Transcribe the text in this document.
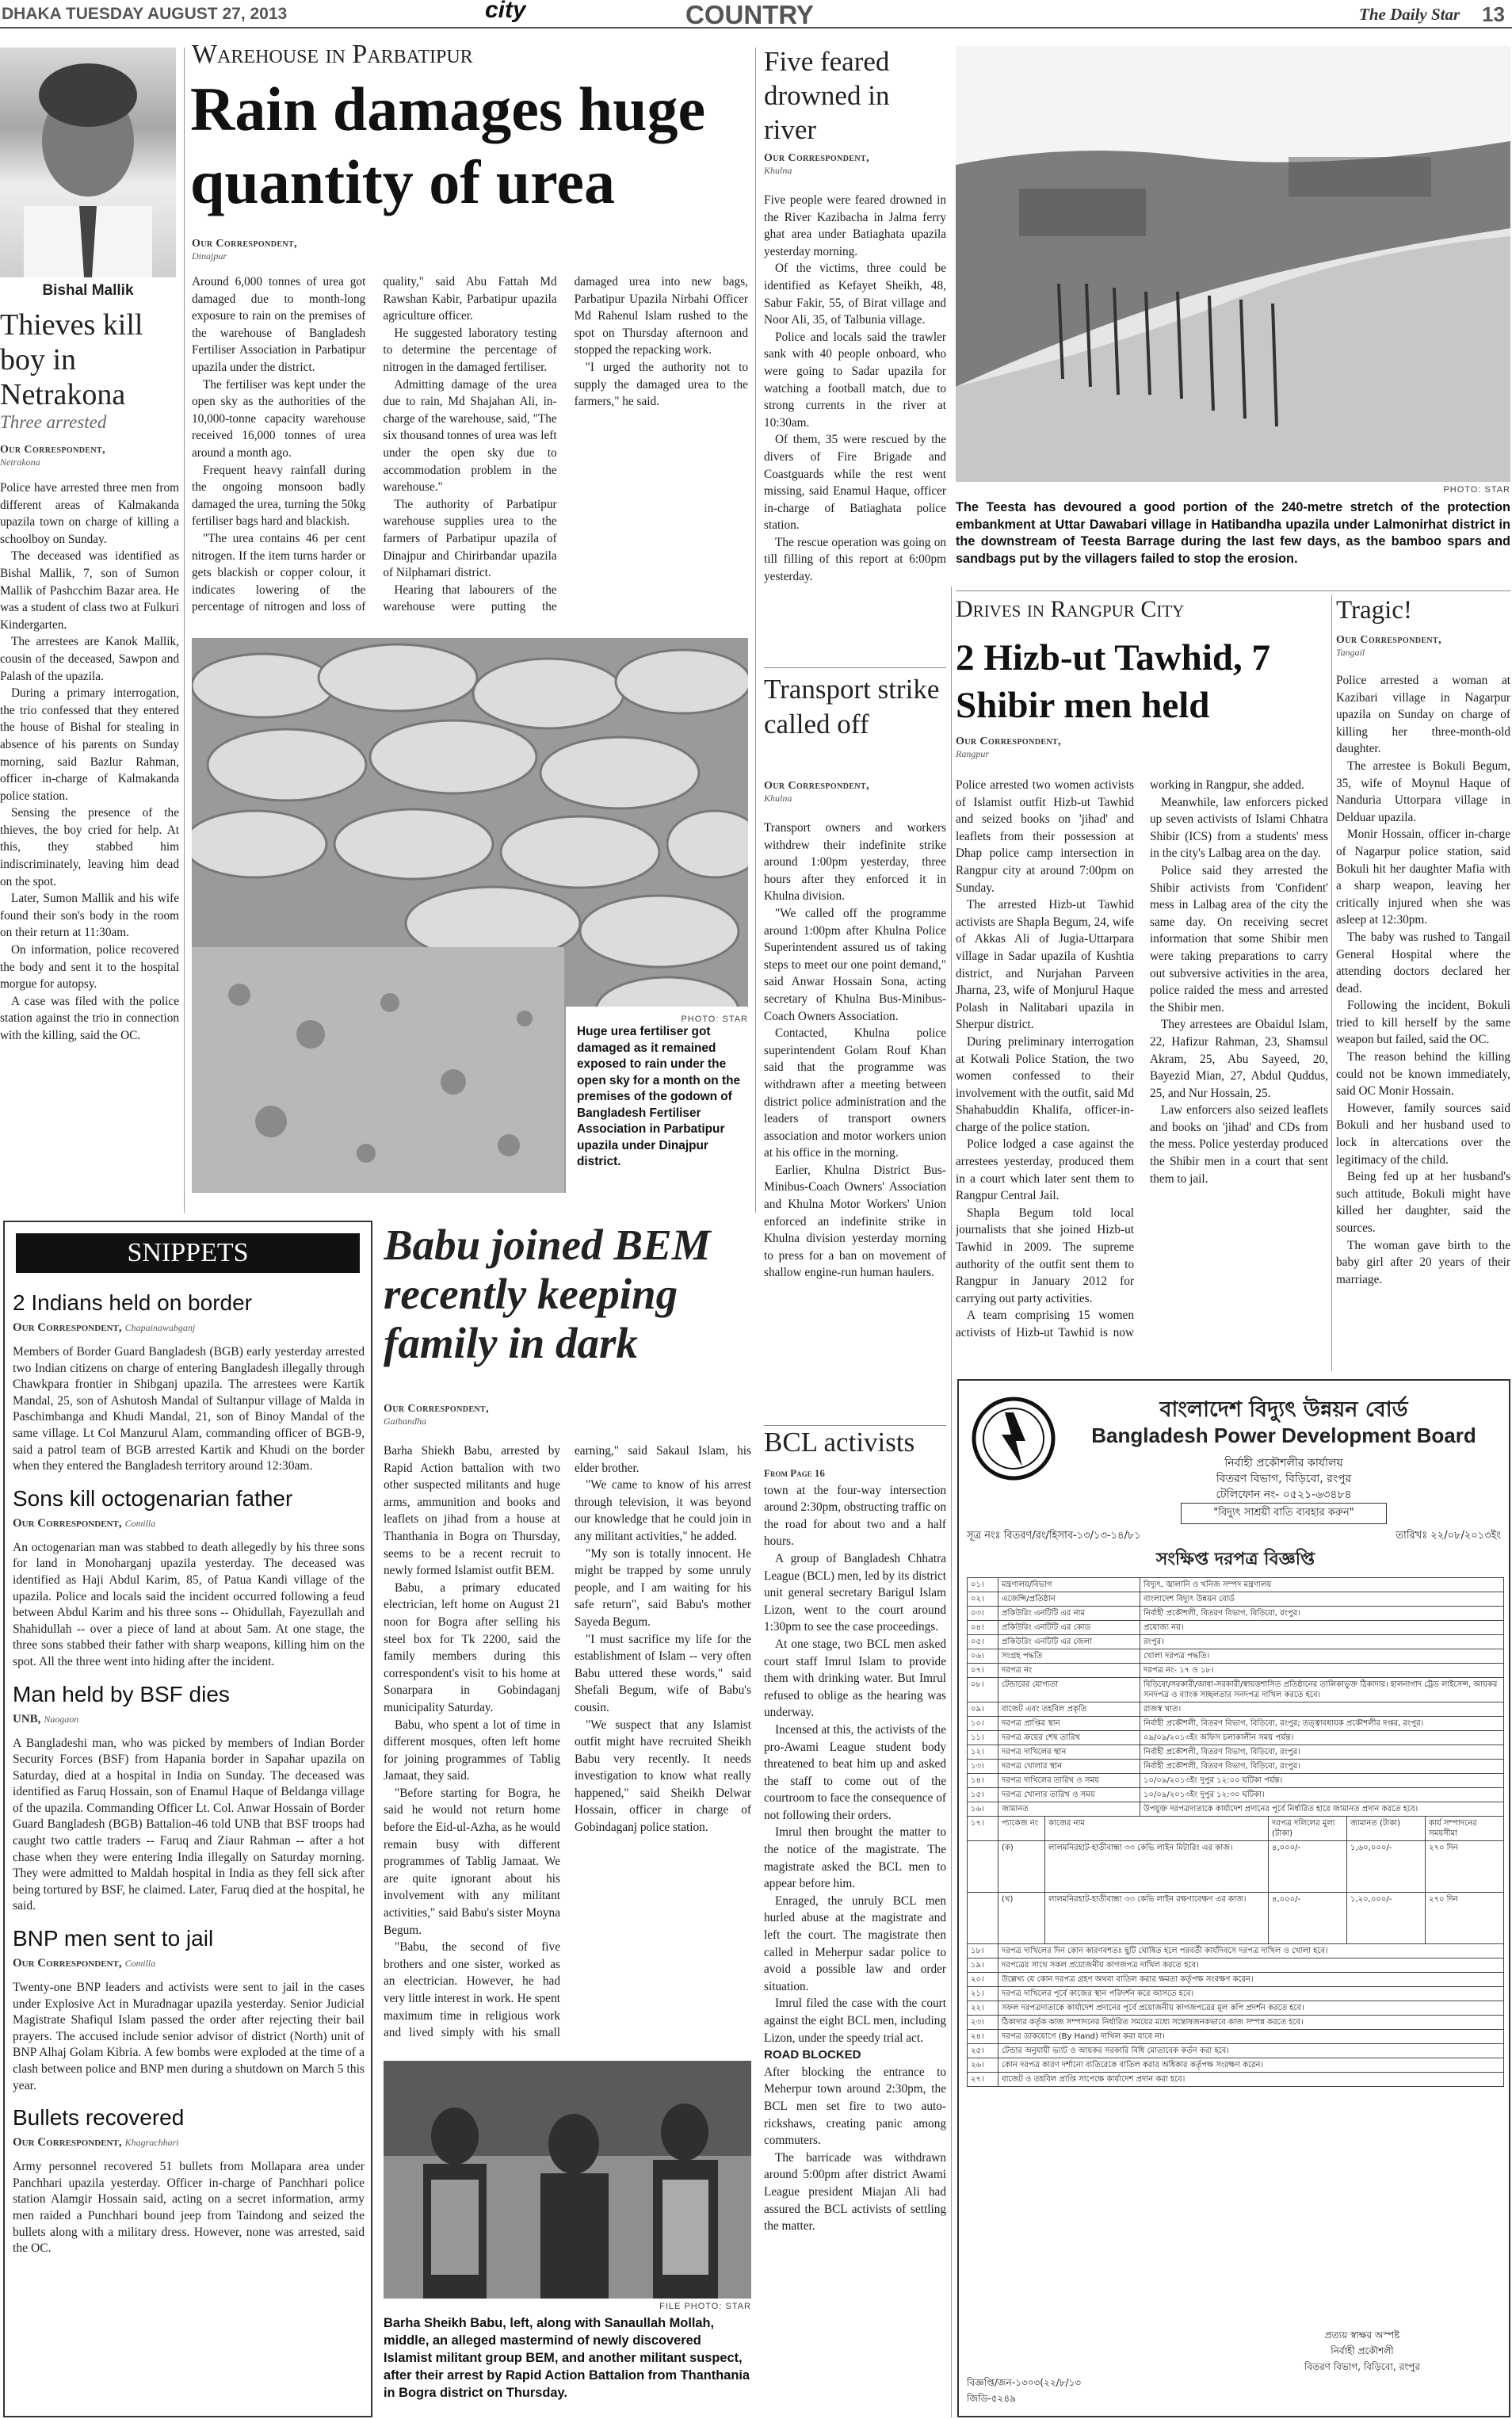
DHAKA TUESDAY AUGUST 27, 2013	city	COUNTRY	The Daily Star 13
Bishal Mallik
Thieves kill boy in Netrakona
Three arrested
Our Correspondent,
Netrakona

Police have arrested three men from different areas of Kalmakanda upazila town on charge of killing a schoolboy on Sunday.

The deceased was identified as Bishal Mallik, 7, son of Sumon Mallik of Pashcchim Bazar area. He was a student of class two at Fulkuri Kindergarten.

The arrestees are Kanok Mallik, cousin of the deceased, Sawpon and Palash of the upazila.

During a primary interrogation, the trio confessed that they entered the house of Bishal for stealing in absence of his parents on Sunday morning, said Bazlur Rahman, officer in-charge of Kalmakanda police station.

Sensing the presence of the thieves, the boy cried for help. At this, they stabbed him indiscriminately, leaving him dead on the spot.

Later, Sumon Mallik and his wife found their son's body in the room on their return at 11:30am.

On information, police recovered the body and sent it to the hospital morgue for autopsy.

A case was filed with the police station against the trio in connection with the killing, said the OC.

Warehouse in Parbatipur
Rain damages huge quantity of urea
Our Correspondent,
Dinajpur

Around 6,000 tonnes of urea got damaged due to month-long exposure to rain on the premises of the warehouse of Bangladesh Fertiliser Association in Parbatipur upazila under the district.

The fertiliser was kept under the open sky as the authorities of the 10,000-tonne capacity warehouse received 16,000 tonnes of urea around a month ago.

Frequent heavy rainfall during the ongoing monsoon badly damaged the urea, turning the 50kg fertiliser bags hard and blackish.

"The urea contains 46 per cent nitrogen. If the item turns harder or gets blackish or copper colour, it indicates lowering of the percentage of nitrogen and loss of quality," said Abu Fattah Md Rawshan Kabir, Parbatipur upazila agriculture officer.

He suggested laboratory testing to determine the percentage of nitrogen in the damaged fertiliser.

Admitting damage of the urea due to rain, Md Shajahan Ali, in-charge of the warehouse, said, "The six thousand tonnes of urea was left under the open sky due to accommodation problem in the warehouse."

The authority of Parbatipur warehouse supplies urea to the farmers of Parbatipur upazila of Dinajpur and Chirirbandar upazila of Nilphamari district.

Hearing that labourers of the warehouse were putting the damaged urea into new bags, Parbatipur Upazila Nirbahi Officer Md Rahenul Islam rushed to the spot on Thursday afternoon and stopped the repacking work.

"I urged the authority not to supply the damaged urea to the farmers," he said.

PHOTO: STAR
Huge urea fertiliser got damaged as it remained exposed to rain under the open sky for a month on the premises of the godown of Bangladesh Fertiliser Association in Parbatipur upazila under Dinajpur district.
Five feared drowned in river
Our Correspondent,
Khulna

Five people were feared drowned in the River Kazibacha in Jalma ferry ghat area under Batiaghata upazila yesterday morning.

Of the victims, three could be identified as Kefayet Sheikh, 48, Sabur Fakir, 55, of Birat village and Noor Ali, 35, of Talbunia village.

Police and locals said the trawler sank with 40 people onboard, who were going to Sadar upazila for watching a football match, due to strong currents in the river at 10:30am.

Of them, 35 were rescued by the divers of Fire Brigade and Coastguards while the rest went missing, said Enamul Haque, officer in-charge of Batiaghata police station.

The rescue operation was going on till filling of this report at 6:00pm yesterday.

Transport strike called off
Our Correspondent,
Khulna

Transport owners and workers withdrew their indefinite strike around 1:00pm yesterday, three hours after they enforced it in Khulna division.

"We called off the programme around 1:00pm after Khulna Police Superintendent assured us of taking steps to meet our one point demand," said Anwar Hossain Sona, acting secretary of Khulna Bus-Minibus-Coach Owners Association.

Contacted, Khulna police superintendent Golam Rouf Khan said that the programme was withdrawn after a meeting between district police administration and the leaders of transport owners association and motor workers union at his office in the morning.

Earlier, Khulna District Bus-Minibus-Coach Owners' Association and Khulna Motor Workers' Union enforced an indefinite strike in Khulna division yesterday morning to press for a ban on movement of shallow engine-run human haulers.

PHOTO: STAR
The Teesta has devoured a good portion of the 240-metre stretch of the protection embankment at Uttar Dawabari village in Hatibandha upazila under Lalmonirhat district in the downstream of Teesta Barrage during the last few days, as the bamboo spars and sandbags put by the villagers failed to stop the erosion.
Drives in Rangpur City
2 Hizb-ut Tawhid, 7 Shibir men held
Our Correspondent,
Rangpur

Police arrested two women activists of Islamist outfit Hizb-ut Tawhid and seized books on 'jihad' and leaflets from their possession at Dhap police camp intersection in Rangpur city at around 7:00pm on Sunday.

The arrested Hizb-ut Tawhid activists are Shapla Begum, 24, wife of Akkas Ali of Jugia-Uttarpara village in Sadar upazila of Kushtia district, and Nurjahan Parveen Jharna, 23, wife of Monjurul Haque Polash in Nalitabari upazila in Sherpur district.

During preliminary interrogation at Kotwali Police Station, the two women confessed to their involvement with the outfit, said Md Shahabuddin Khalifa, officer-in-charge of the police station.

Police lodged a case against the arrestees yesterday, produced them in a court which later sent them to Rangpur Central Jail.

Shapla Begum told local journalists that she joined Hizb-ut Tawhid in 2009. The supreme authority of the outfit sent them to Rangpur in January 2012 for carrying out party activities.

A team comprising 15 women activists of Hizb-ut Tawhid is now working in Rangpur, she added.

Meanwhile, law enforcers picked up seven activists of Islami Chhatra Shibir (ICS) from a students' mess in the city's Lalbag area on the day.

Police said they arrested the Shibir activists from 'Confident' mess in Lalbag area of the city the same day. On receiving secret information that some Shibir men were taking preparations to carry out subversive activities in the area, police raided the mess and arrested the Shibir men.

They arrestees are Obaidul Islam, 22, Hafizur Rahman, 23, Shamsul Akram, 25, Abu Sayeed, 20, Bayezid Mian, 27, Abdul Quddus, 25, and Nur Hossain, 25.

Law enforcers also seized leaflets and books on 'jihad' and CDs from the mess. Police yesterday produced the Shibir men in a court that sent them to jail.

Tragic!
Our Correspondent,
Tangail

Police arrested a woman at Kazibari village in Nagarpur upazila on Sunday on charge of killing her three-month-old daughter.

The arrestee is Bokuli Begum, 35, wife of Moynul Haque of Nanduria Uttorpara village in Delduar upazila.

Monir Hossain, officer in-charge of Nagarpur police station, said Bokuli hit her daughter Mafia with a sharp weapon, leaving her critically injured when she was asleep at 12:30pm.

The baby was rushed to Tangail General Hospital where the attending doctors declared her dead.

Following the incident, Bokuli tried to kill herself by the same weapon but failed, said the OC.

The reason behind the killing could not be known immediately, said OC Monir Hossain.

However, family sources said Bokuli and her husband used to lock in altercations over the legitimacy of the child.

Being fed up at her husband's such attitude, Bokuli might have killed her daughter, said the sources.

The woman gave birth to the baby girl after 20 years of their marriage.

SNIPPETS
2 Indians held on border
Our Correspondent, Chapainawabganj
Members of Border Guard Bangladesh (BGB) early yesterday arrested two Indian citizens on charge of entering Bangladesh illegally through Chawkpara frontier in Shibganj upazila. The arrestees were Kartik Mandal, 25, son of Ashutosh Mandal of Sultanpur village of Malda in Paschimbanga and Khudi Mandal, 21, son of Binoy Mandal of the same village. Lt Col Manzurul Alam, commanding officer of BGB-9, said a patrol team of BGB arrested Kartik and Khudi on the border when they entered the Bangladesh territory around 12:30am.
Sons kill octogenarian father
Our Correspondent, Comilla
An octogenarian man was stabbed to death allegedly by his three sons for land in Monoharganj upazila yesterday. The deceased was identified as Haji Abdul Karim, 85, of Patua Kandi village of the upazila. Police and locals said the incident occurred following a feud between Abdul Karim and his three sons -- Ohidullah, Fayezullah and Shahidullah -- over a piece of land at about 5am. At one stage, the three sons stabbed their father with sharp weapons, killing him on the spot. All the three went into hiding after the incident.
Man held by BSF dies
UNB, Naogaon
A Bangladeshi man, who was picked by members of Indian Border Security Forces (BSF) from Hapania border in Sapahar upazila on Saturday, died at a hospital in India on Sunday. The deceased was identified as Faruq Hossain, son of Enamul Haque of Beldanga village of the upazila. Commanding Officer Lt. Col. Anwar Hossain of Border Guard Bangladesh (BGB) Battalion-46 told UNB that BSF troops had caught two cattle traders -- Faruq and Ziaur Rahman -- after a hot chase when they were entering India illegally on Saturday morning. They were admitted to Maldah hospital in India as they fell sick after being tortured by BSF, he claimed. Later, Faruq died at the hospital, he said.
BNP men sent to jail
Our Correspondent, Comilla
Twenty-one BNP leaders and activists were sent to jail in the cases under Explosive Act in Muradnagar upazila yesterday. Senior Judicial Magistrate Shafiqul Islam passed the order after rejecting their bail prayers. The accused include senior advisor of district (North) unit of BNP Alhaj Golam Kibria. A few bombs were exploded at the time of a clash between police and BNP men during a shutdown on March 5 this year.
Bullets recovered
Our Correspondent, Khagrachhari
Army personnel recovered 51 bullets from Mollapara area under Panchhari upazila yesterday. Officer in-charge of Panchhari police station Alamgir Hossain said, acting on a secret information, army men raided a Punchhari bound jeep from Taindong and seized the bullets along with a military dress. However, none was arrested, said the OC.
Babu joined BEM recently keeping family in dark
Our Correspondent,
Gaibandha

Barha Shiekh Babu, arrested by Rapid Action battalion with two other suspected militants and huge arms, ammunition and books and leaflets on jihad from a house at Thanthania in Bogra on Thursday, seems to be a recent recruit to newly formed Islamist outfit BEM.

Babu, a primary educated electrician, left home on August 21 noon for Bogra after selling his steel box for Tk 2200, said the family members during this correspondent's visit to his home at Sonarpara in Gobindaganj municipality Saturday.

Babu, who spent a lot of time in different mosques, often left home for joining programmes of Tablig Jamaat, they said.

"Before starting for Bogra, he said he would not return home before the Eid-ul-Azha, as he would remain busy with different programmes of Tablig Jamaat. We are quite ignorant about his involvement with any militant activities," said Babu's sister Moyna Begum.

"Babu, the second of five brothers and one sister, worked as an electrician. However, he had very little interest in work. He spent maximum time in religious work and lived simply with his small earning," said Sakaul Islam, his elder brother.

"We came to know of his arrest through television, it was beyond our knowledge that he could join in any militant activities," he added.

"My son is totally innocent. He might be trapped by some unruly people, and I am waiting for his safe return", said Babu's mother Sayeda Begum.

"I must sacrifice my life for the establishment of Islam -- very often Babu uttered these words," said Shefali Begum, wife of Babu's cousin.

"We suspect that any Islamist outfit might have recruited Sheikh Babu very recently. It needs investigation to know what really happened," said Sheikh Delwar Hossain, officer in charge of Gobindaganj police station.

FILE PHOTO: STAR
Barha Sheikh Babu, left, along with Sanaullah Mollah, middle, an alleged mastermind of newly discovered Islamist militant group BEM, and another militant suspect, after their arrest by Rapid Action Battalion from Thanthania in Bogra district on Thursday.
BCL activists
From Page 16

town at the four-way intersection around 2:30pm, obstructing traffic on the road for about two and a half hours.

A group of Bangladesh Chhatra League (BCL) men, led by its district unit general secretary Barigul Islam Lizon, went to the court around 1:30pm to see the case proceedings.

At one stage, two BCL men asked court staff Imrul Islam to provide them with drinking water. But Imrul refused to oblige as the hearing was underway.

Incensed at this, the activists of the pro-Awami League student body threatened to beat him up and asked the staff to come out of the courtroom to face the consequence of not following their orders.

Imrul then brought the matter to the notice of the magistrate. The magistrate asked the BCL men to appear before him.

Enraged, the unruly BCL men hurled abuse at the magistrate and left the court. The magistrate then called in Meherpur sadar police to avoid a possible law and order situation.

Imrul filed the case with the court against the eight BCL men, including Lizon, under the speedy trial act.

ROAD BLOCKED

After blocking the entrance to Meherpur town around 2:30pm, the BCL men set fire to two auto-rickshaws, creating panic among commuters.

The barricade was withdrawn around 5:00pm after district Awami League president Miajan Ali had assured the BCL activists of settling the matter.

বাংলাদেশ বিদ্যুৎ উন্নয়ন বোর্ড
Bangladesh Power Development Board
নির্বাহী প্রকৌশলীর কার্যালয়
বিতরণ বিভাগ, বিড়িবো, রংপুর
টেলিফোন নং- ০৫২১-৬৩৪৮৪
"বিদ্যুৎ সাশ্রয়ী বাতি ব্যবহার করুন"
সূত্র নংঃ বিতরণ/রং/হিসাব-১৩/১৩-১৪/৮১	তারিখঃ ২২/০৮/২০১৩ইং
সংক্ষিপ্ত দরপত্র বিজ্ঞপ্তি
০১।	মন্ত্রণালয়/বিভাগ	বিদ্যুৎ, জ্বালানি ও খনিজ সম্পদ মন্ত্রণালয়
০২।	এজেন্সি/প্রতিষ্ঠান	বাংলাদেশ বিদ্যুৎ উন্নয়ন বোর্ড
০৩।	প্রকিউরিং এনটিটি এর নাম	নির্বাহী প্রকৌশলী, বিতরণ বিভাগ, বিড়িবো, রংপুর।
০৪।	প্রকিউরিং এনটিটি এর কোড	প্রযোজ্য নয়।
০৫।	প্রকিউরিং এনটিটি এর জেলা	রংপুর।
০৬।	সংগ্রহ পদ্ধতি	খোলা দরপত্র পদ্ধতি।
০৭।	দরপত্র নং	দরপত্র নং- ১৭ ও ১৮।
০৮।	টেন্ডারের যোগ্যতা	বিড়িবো/সরকারী/আধা-সরকারী/স্বায়ত্তশাসিত প্রতিষ্ঠানের তালিকাভুক্ত ঠিকাদার। হালনাগাদ ট্রেড লাইসেন্স, আয়কর সনদপত্র ও ব্যাংক সচ্ছলতার সনদপত্র দাখিল করতে হবে।
০৯।	বাজেট এবং তহবিল প্রকৃতি	রাজস্ব খাত।
১০।	দরপত্র প্রাপ্তির স্থান	নির্বাহী প্রকৌশলী, বিতরণ বিভাগ, বিড়িবো, রংপুর; তত্ত্বাবধায়ক প্রকৌশলীর দপ্তর, রংপুর।
১১।	দরপত্র ক্রয়ের শেষ তারিখ	০৯/০৯/২০১৩ইং অফিস চলাকালীন সময় পর্যন্ত।
১২।	দরপত্র দাখিলের স্থান	নির্বাহী প্রকৌশলী, বিতরণ বিভাগ, বিড়িবো, রংপুর।
১৩।	দরপত্র খোলার স্থান	নির্বাহী প্রকৌশলী, বিতরণ বিভাগ, বিড়িবো, রংপুর।
১৪।	দরপত্র দাখিলের তারিখ ও সময়	১০/০৯/২০১৩ইং দুপুর ১২:০০ ঘটিকা পর্যন্ত।
১৫।	দরপত্র খোলার তারিখ ও সময়	১০/০৯/২০১৩ইং দুপুর ১২:৩০ ঘটিকা।
১৬।	জামানত	উপযুক্ত দরপত্রদাতাকে কার্যাদেশ প্রদানের পূর্বে নির্ধারিত হারে জামানত প্রদান করতে হবে।
১৭।	প্যাকেজ নং	কাজের নাম	দরপত্র দলিলের মূল্য (টাকা)	জামানত (টাকা)	কার্য সম্পাদনের সময়সীমা
	(ক)	লালমনিরহাট-হাতীবান্ধা ৩৩ কেভি লাইন মিটারিং এর কাজ।	৪,০০০/-	১,৬০,০০০/-	২৭০ দিন
	(খ)	লালমনিরহাট-হাতীবান্ধা ৩৩ কেভি লাইন রক্ষণাবেক্ষণ এর কাজ।	৪,০০০/-	১,২০,০০০/-	২৭০ দিন
১৮।	দরপত্র দাখিলের দিন কোন কারণবশতঃ ছুটি ঘোষিত হলে পরবর্তী কার্যদিবসে দরপত্র দাখিল ও খোলা হবে।
১৯।	দরপত্রের সাথে সকল প্রয়োজনীয় কাগজপত্র দাখিল করতে হবে।
২০।	উল্লেখ্য যে কোন দরপত্র গ্রহণ অথবা বাতিল করার ক্ষমতা কর্তৃপক্ষ সংরক্ষণ করেন।
২১।	দরপত্র দাখিলের পূর্বে কাজের স্থান পরিদর্শন করে আসতে হবে।
২২।	সফল দরপত্রদাতাকে কার্যাদেশ প্রদানের পূর্বে প্রয়োজনীয় কাগজপত্রের মূল কপি প্রদর্শন করতে হবে।
২৩।	ঠিকাদার কর্তৃক কাজ সম্পাদনের নির্ধারিত সময়ের মধ্যে সন্তোষজনকভাবে কাজ সম্পন্ন করতে হবে।
২৪।	দরপত্র ডাকযোগে (By Hand) দাখিল করা যাবে না।
২৫।	টেন্ডার অনুযায়ী ভ্যাট ও আয়কর সরকারি বিধি মোতাবেক কর্তন করা হবে।
২৬।	কোন দরপত্র কারণ দর্শানো ব্যতিরেকে বাতিল করার অধিকার কর্তৃপক্ষ সংরক্ষণ করেন।
২৭।	বাজেট ও তহবিল প্রাপ্তি সাপেক্ষে কার্যাদেশ প্রদান করা হবে।
প্রত্যয় স্বাক্ষর অস্পষ্ট
নির্বাহী প্রকৌশলী
বিতরণ বিভাগ, বিড়িবো, রংপুর
বিজ্ঞপ্তি/জন-১৩০৩(২২/৮/১৩
জিডি-৫২৪৯
